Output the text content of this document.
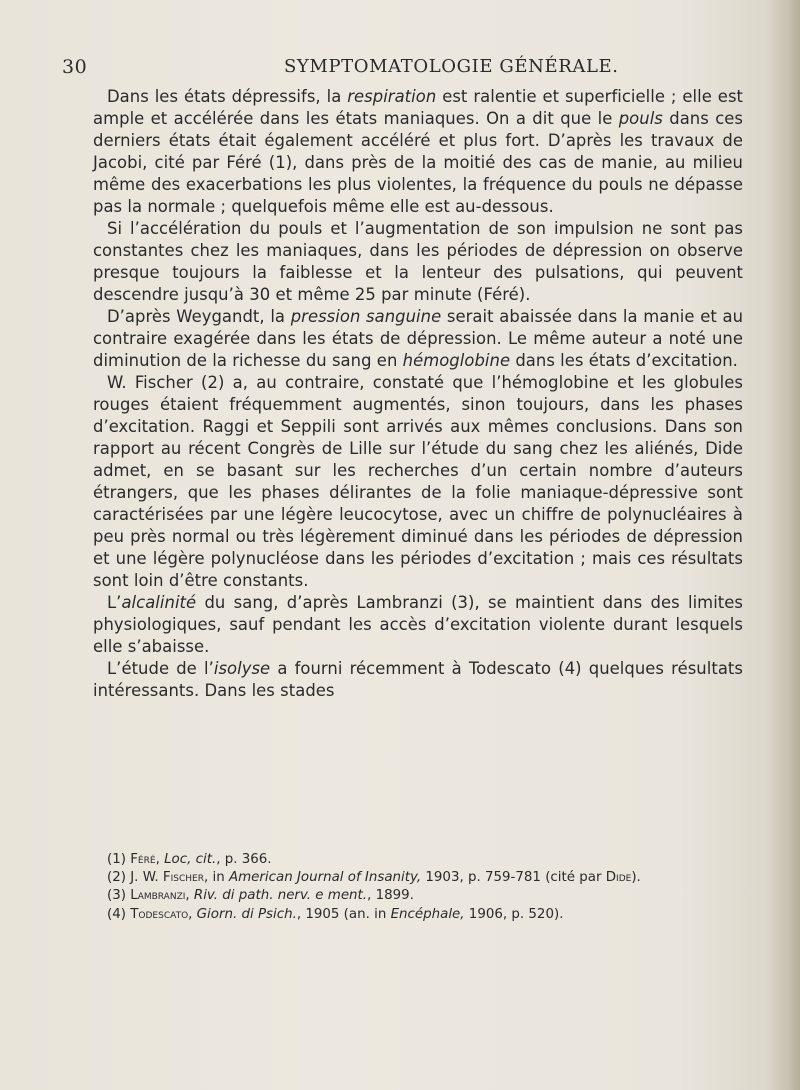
30	SYMPTOMATOLOGIE GÉNÉRALE.

Dans les états dépressifs, la respiration est ralentie et superficielle ; elle est ample et accélérée dans les états maniaques. On a dit que le pouls dans ces derniers états était également accéléré et plus fort. D’après les travaux de Jacobi, cité par Féré (1), dans près de la moitié des cas de manie, au milieu même des exacerbations les plus violentes, la fréquence du pouls ne dépasse pas la normale ; quelquefois même elle est au-dessous.

Si l’accélération du pouls et l’augmentation de son impulsion ne sont pas constantes chez les maniaques, dans les périodes de dépression on observe presque toujours la faiblesse et la lenteur des pulsations, qui peuvent descendre jusqu’à 30 et même 25 par minute (Féré).

D’après Weygandt, la pression sanguine serait abaissée dans la manie et au contraire exagérée dans les états de dépression. Le même auteur a noté une diminution de la richesse du sang en hémoglobine dans les états d’excitation.

W. Fischer (2) a, au contraire, constaté que l’hémoglobine et les globules rouges étaient fréquemment augmentés, sinon toujours, dans les phases d’excitation. Raggi et Seppili sont arrivés aux mêmes conclusions. Dans son rapport au récent Congrès de Lille sur l’étude du sang chez les aliénés, Dide admet, en se basant sur les recherches d’un certain nombre d’auteurs étrangers, que les phases délirantes de la folie maniaque-dépressive sont caractérisées par une légère leucocytose, avec un chiffre de polynucléaires à peu près normal ou très légèrement diminué dans les périodes de dépression et une légère polynucléose dans les périodes d’excitation ; mais ces résultats sont loin d’être constants.

L’alcalinité du sang, d’après Lambranzi (3), se maintient dans des limites physiologiques, sauf pendant les accès d’excitation violente durant lesquels elle s’abaisse.

L’étude de l’isolyse a fourni récemment à Todescato (4) quelques résultats intéressants. Dans les stades

(1) Féré, Loc, cit., p. 366.

(2) J. W. Fischer, in American Journal of Insanity, 1903, p. 759-781 (cité par Dide).

(3) Lambranzi, Riv. di path. nerv. e ment., 1899.

(4) Todescato, Giorn. di Psich., 1905 (an. in Encéphale, 1906, p. 520).
